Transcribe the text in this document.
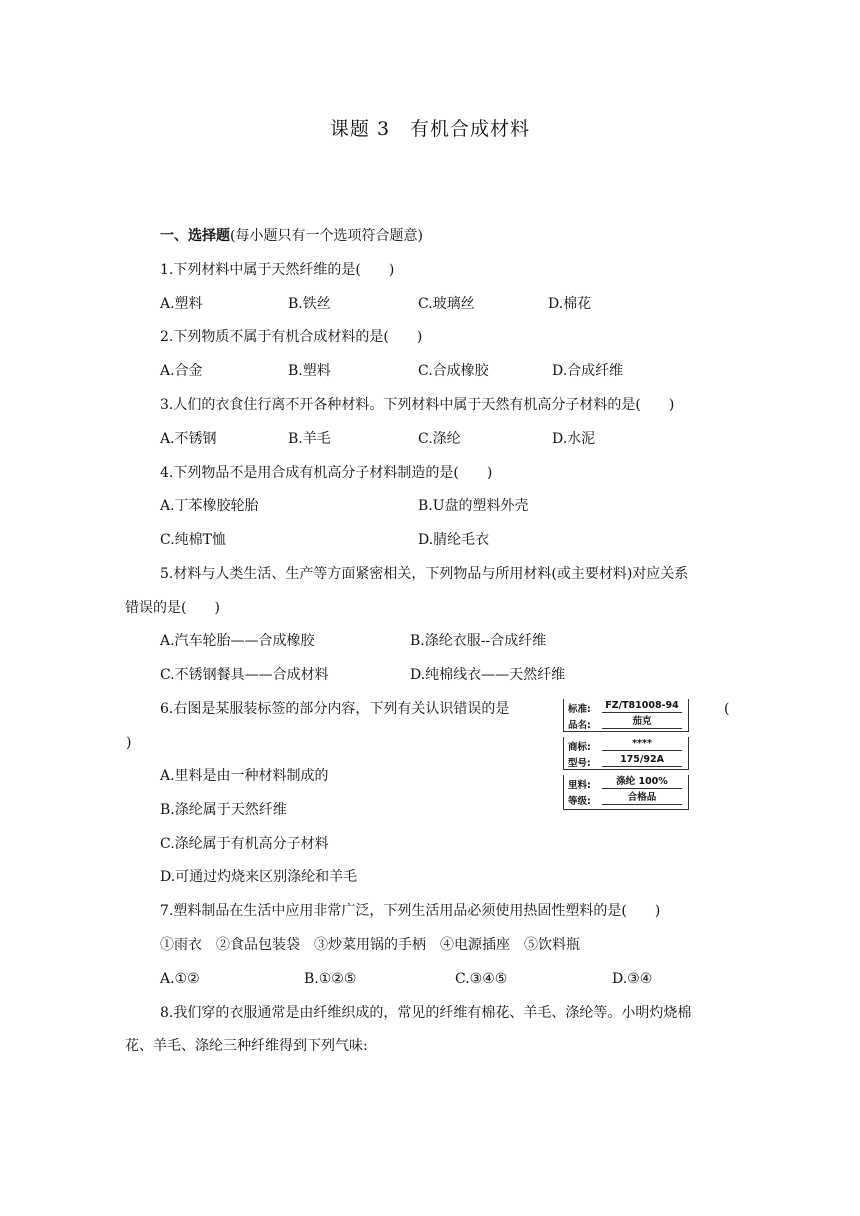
课题 3　有机合成材料
一、选择题(每小题只有一个选项符合题意)
1.下列材料中属于天然纤维的是(　　)
A.塑料	B.铁丝	C.玻璃丝	D.棉花
2.下列物质不属于有机合成材料的是(　　)
A.合金	B.塑料	C.合成橡胶	D.合成纤维
3.人们的衣食住行离不开各种材料。下列材料中属于天然有机高分子材料的是(　　)
A.不锈钢	B.羊毛	C.涤纶	D.水泥
4.下列物品不是用合成有机高分子材料制造的是(　　)
A.丁苯橡胶轮胎	B.U盘的塑料外壳
C.纯棉T恤	D.腈纶毛衣
5.材料与人类生活、生产等方面紧密相关，下列物品与所用材料(或主要材料)对应关系
错误的是(　　)
A.汽车轮胎——合成橡胶	B.涤纶衣服--合成纤维
C.不锈钢餐具——合成材料	D.纯棉线衣——天然纤维
6.右图是某服装标签的部分内容，下列有关认识错误的是	(
)
A.里料是由一种材料制成的
B.涤纶属于天然纤维
C.涤纶属于有机高分子材料
D.可通过灼烧来区别涤纶和羊毛
标准:	FZ/T81008-94
品名:	茄克
商标:	****
型号:	175/92A
里料:	涤纶 100%
等级:	合格品
7.塑料制品在生活中应用非常广泛，下列生活用品必须使用热固性塑料的是(　　)
①雨衣　②食品包装袋　③炒菜用锅的手柄　④电源插座　⑤饮料瓶
A.①②	B.①②⑤	C.③④⑤	D.③④
8.我们穿的衣服通常是由纤维织成的，常见的纤维有棉花、羊毛、涤纶等。小明灼烧棉
花、羊毛、涤纶三种纤维得到下列气味:
